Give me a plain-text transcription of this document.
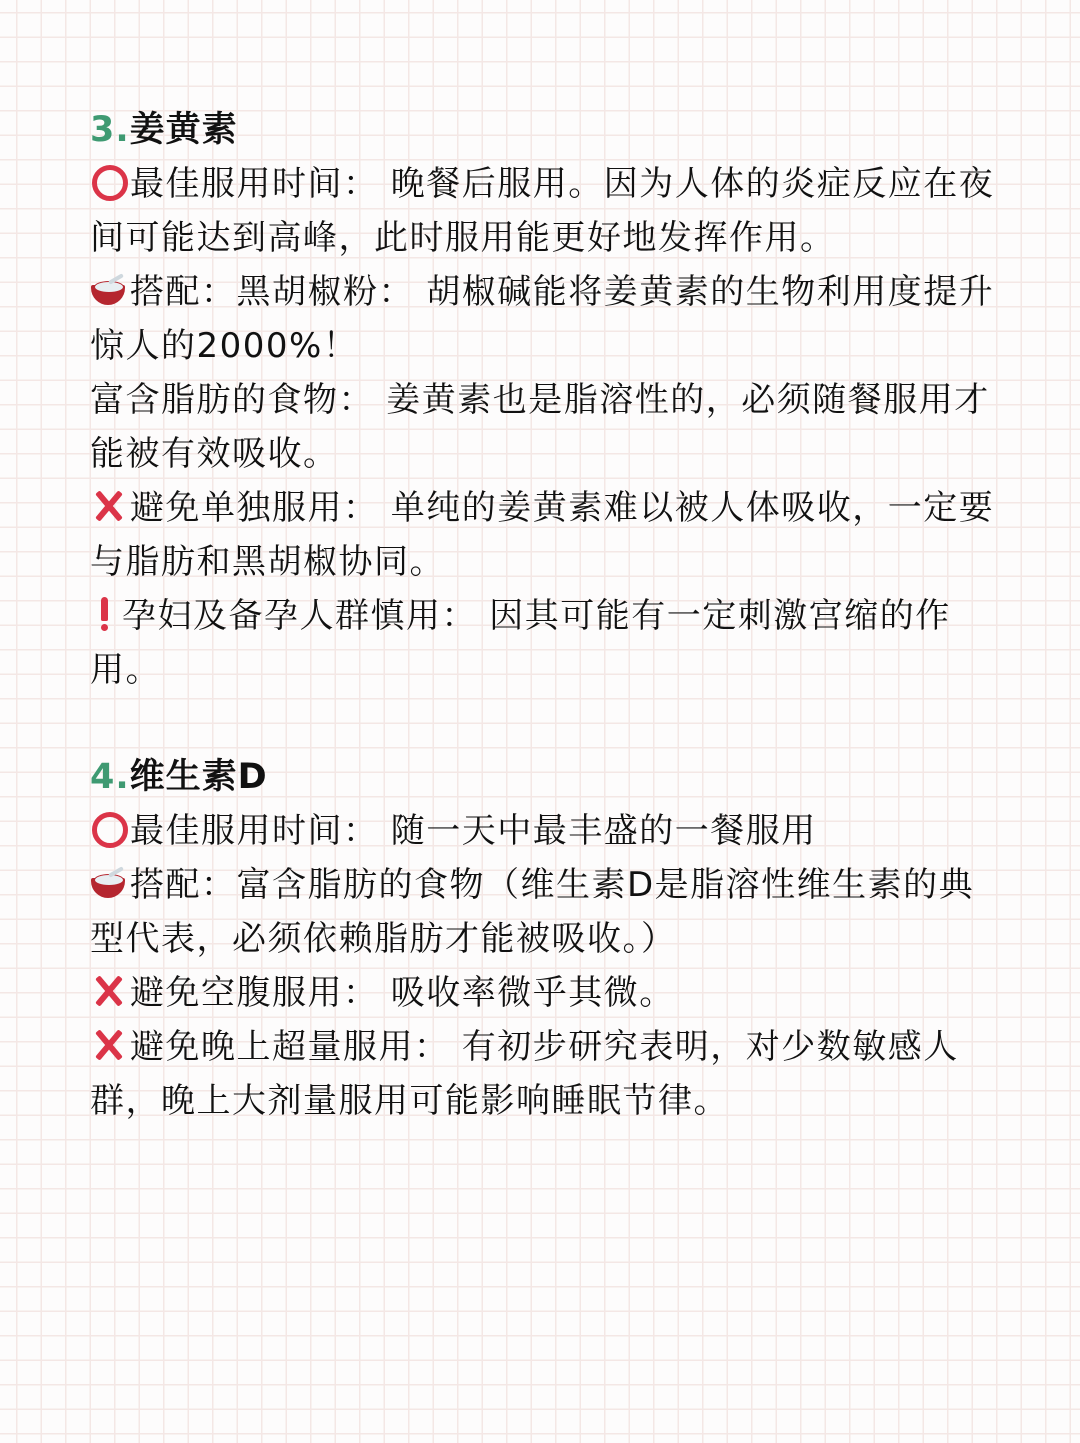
3.姜黄素
最佳服用时间： 晚餐后服用。因为人体的炎症反应在夜间可能达到高峰，此时服用能更好地发挥作用。
搭配：黑胡椒粉： 胡椒碱能将姜黄素的生物利用度提升惊人的2000%！
富含脂肪的食物： 姜黄素也是脂溶性的，必须随餐服用才能被有效吸收。
避免单独服用： 单纯的姜黄素难以被人体吸收，一定要与脂肪和黑胡椒协同。
孕妇及备孕人群慎用： 因其可能有一定刺激宫缩的作用。
4.维生素D
最佳服用时间： 随一天中最丰盛的一餐服用
搭配：富含脂肪的食物（维生素D是脂溶性维生素的典型代表，必须依赖脂肪才能被吸收。）
避免空腹服用： 吸收率微乎其微。
避免晚上超量服用： 有初步研究表明，对少数敏感人群，晚上大剂量服用可能影响睡眠节律。
